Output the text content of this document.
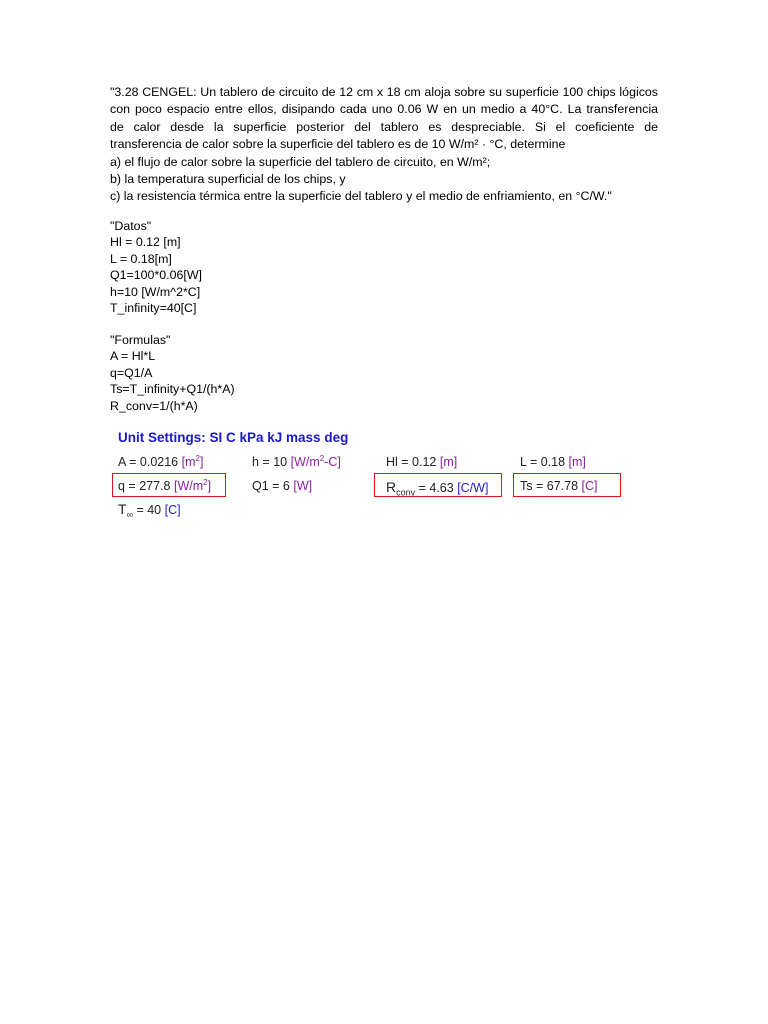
"3.28 CENGEL: Un tablero de circuito de 12 cm x 18 cm aloja sobre su superficie 100 chips lógicos
con poco espacio entre ellos, disipando cada uno 0.06 W en un medio a 40°C. La transferencia
de calor desde la superficie posterior del tablero es despreciable. Si el coeficiente de
transferencia de calor sobre la superficie del tablero es de 10 W/m² · °C, determine
a) el flujo de calor sobre la superficie del tablero de circuito, en W/m²;
b) la temperatura superficial de los chips, y
c) la resistencia térmica entre la superficie del tablero y el medio de enfriamiento, en °C/W."
"Datos"
Hl = 0.12 [m]
L = 0.18[m]
Q1=100*0.06[W]
h=10 [W/m^2*C]
T_infinity=40[C]
"Formulas"
A = Hl*L
q=Q1/A
Ts=T_infinity+Q1/(h*A)
R_conv=1/(h*A)
Unit Settings: SI C kPa kJ mass deg
A = 0.0216 $[m^2]$	h = 10 $[W/m^2-C]$	Hl = 0.12 [m]	L = 0.18 [m]
q = 277.8 $[W/m^2]$	Q1 = 6 [W]	$R_{conv} = 4.63$ [C/W]	Ts = 67.78 [C]
$T_\infty = 40$ [C]
